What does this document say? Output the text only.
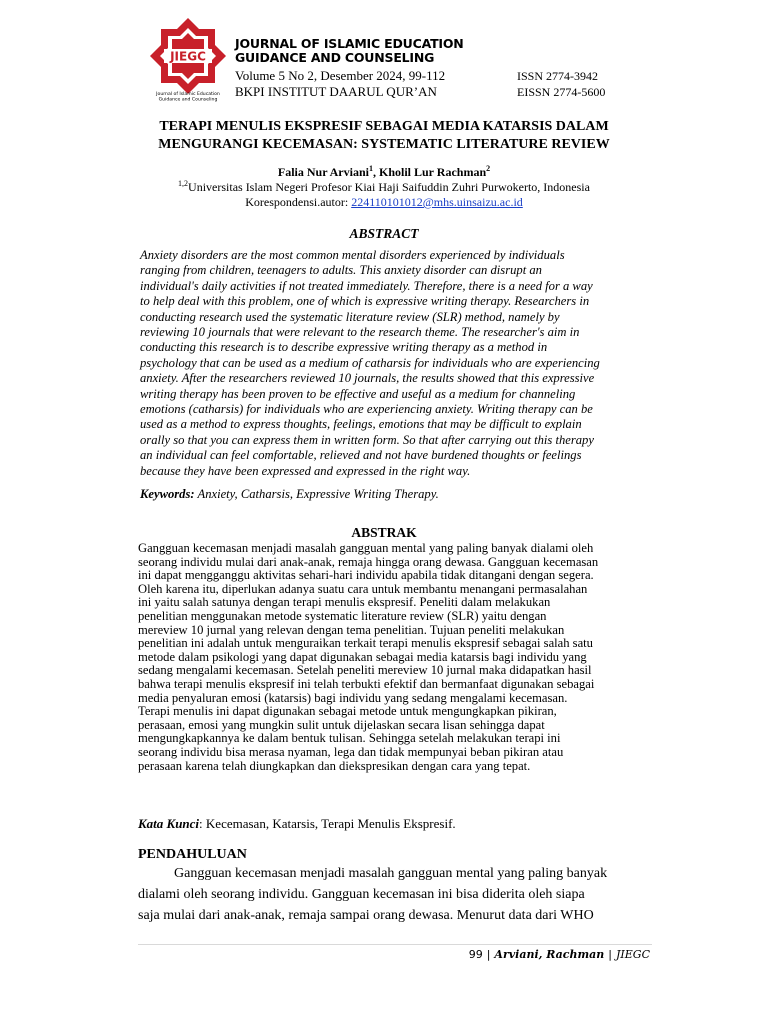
JIEGC
Journal of Islamic Education
Guidance and Counseling
JOURNAL OF ISLAMIC EDUCATION
GUIDANCE AND COUNSELING
Volume 5 No 2, Desember 2024, 99-112	ISSN 2774-3942
BKPI INSTITUT DAARUL QUR’AN	EISSN 2774-5600
TERAPI MENULIS EKSPRESIF SEBAGAI MEDIA KATARSIS DALAM
MENGURANGI KECEMASAN: SYSTEMATIC LITERATURE REVIEW
Falia Nur Arviani$^1$, Kholil Lur Rachman$^2$
$^{1,2}$Universitas Islam Negeri Profesor Kiai Haji Saifuddin Zuhri Purwokerto, Indonesia
Korespondensi.autor: 224110101012@mhs.uinsaizu.ac.id
ABSTRACT
Anxiety disorders are the most common mental disorders experienced by individuals
ranging from children, teenagers to adults. This anxiety disorder can disrupt an
individual's daily activities if not treated immediately. Therefore, there is a need for a way
to help deal with this problem, one of which is expressive writing therapy. Researchers in
conducting research used the systematic literature review (SLR) method, namely by
reviewing 10 journals that were relevant to the research theme. The researcher's aim in
conducting this research is to describe expressive writing therapy as a method in
psychology that can be used as a medium of catharsis for individuals who are experiencing
anxiety. After the researchers reviewed 10 journals, the results showed that this expressive
writing therapy has been proven to be effective and useful as a medium for channeling
emotions (catharsis) for individuals who are experiencing anxiety. Writing therapy can be
used as a method to express thoughts, feelings, emotions that may be difficult to explain
orally so that you can express them in written form. So that after carrying out this therapy
an individual can feel comfortable, relieved and not have burdened thoughts or feelings
because they have been expressed and expressed in the right way.
Keywords: Anxiety, Catharsis, Expressive Writing Therapy.
ABSTRAK
Gangguan kecemasan menjadi masalah gangguan mental yang paling banyak dialami oleh
seorang individu mulai dari anak-anak, remaja hingga orang dewasa. Gangguan kecemasan
ini dapat mengganggu aktivitas sehari-hari individu apabila tidak ditangani dengan segera.
Oleh karena itu, diperlukan adanya suatu cara untuk membantu menangani permasalahan
ini yaitu salah satunya dengan terapi menulis ekspresif. Peneliti dalam melakukan
penelitian menggunakan metode systematic literature review (SLR) yaitu dengan
mereview 10 jurnal yang relevan dengan tema penelitian. Tujuan peneliti melakukan
penelitian ini adalah untuk menguraikan terkait terapi menulis ekspresif sebagai salah satu
metode dalam psikologi yang dapat digunakan sebagai media katarsis bagi individu yang
sedang mengalami kecemasan. Setelah peneliti mereview 10 jurnal maka didapatkan hasil
bahwa terapi menulis ekspresif ini telah terbukti efektif dan bermanfaat digunakan sebagai
media penyaluran emosi (katarsis) bagi individu yang sedang mengalami kecemasan.
Terapi menulis ini dapat digunakan sebagai metode untuk mengungkapkan pikiran,
perasaan, emosi yang mungkin sulit untuk dijelaskan secara lisan sehingga dapat
mengungkapkannya ke dalam bentuk tulisan. Sehingga setelah melakukan terapi ini
seorang individu bisa merasa nyaman, lega dan tidak mempunyai beban pikiran atau
perasaan karena telah diungkapkan dan diekspresikan dengan cara yang tepat.
Kata Kunci: Kecemasan, Katarsis, Terapi Menulis Ekspresif.
PENDAHULUAN
Gangguan kecemasan menjadi masalah gangguan mental yang paling banyak
dialami oleh seorang individu. Gangguan kecemasan ini bisa diderita oleh siapa
saja mulai dari anak-anak, remaja sampai orang dewasa. Menurut data dari WHO
99 | Arviani, Rachman | JIEGC
